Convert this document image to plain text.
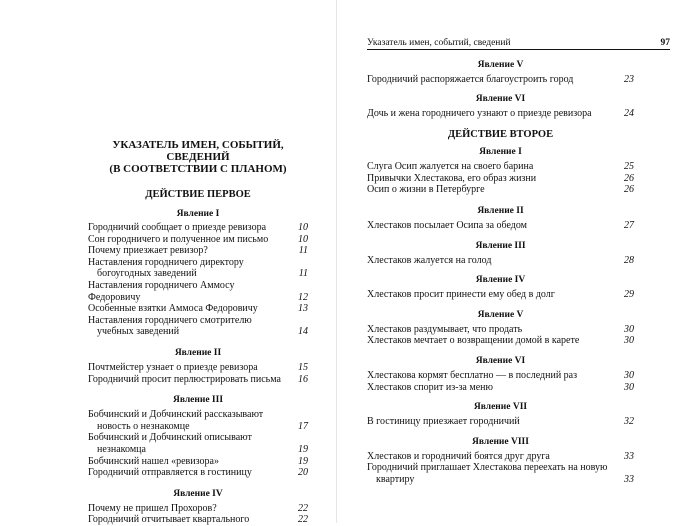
УКАЗАТЕЛЬ ИМЕН, СОБЫТИЙ, СВЕДЕНИЙ
(В СООТВЕТСТВИИ С ПЛАНОМ)
ДЕЙСТВИЕ ПЕРВОЕ
Явление I
Городничий сообщает о приезде ревизора	10
Сон городничего и полученное им письмо	10
Почему приезжает ревизор?	11
Наставления городничего директору богоугодных заведений	11
Наставления городничего Аммосу Федоровичу	12
Особенные взятки Аммоса Федоровичу	13
Наставления городничего смотрителю учебных заведений	14
Явление II
Почтмейстер узнает о приезде ревизора	15
Городничий просит перлюстрировать письма	16
Явление III
Бобчинский и Добчинский рассказывают новость о незнакомце	17
Бобчинский и Добчинский описывают незнакомца	19
Бобчинский нашел «ревизора»	19
Городничий отправляется в гостиницу	20
Явление IV
Почему не пришел Прохоров?	22
Городничий отчитывает квартального	22
Указатель имен, событий, сведений	97
Явление V
Городничий распоряжается благоустроить город	23
Явление VI
Дочь и жена городничего узнают о приезде ревизора	24
ДЕЙСТВИЕ ВТОРОЕ
Явление I
Слуга Осип жалуется на своего барина	25
Привычки Хлестакова, его образ жизни	26
Осип о жизни в Петербурге	26
Явление II
Хлестаков посылает Осипа за обедом	27
Явление III
Хлестаков жалуется на голод	28
Явление IV
Хлестаков просит принести ему обед в долг	29
Явление V
Хлестаков раздумывает, что продать	30
Хлестаков мечтает о возвращении домой в карете	30
Явление VI
Хлестакова кормят бесплатно — в последний раз	30
Хлестаков спорит из-за меню	30
Явление VII
В гостиницу приезжает городничий	32
Явление VIII
Хлестаков и городничий боятся друг друга	33
Городничий приглашает Хлестакова переехать на новую квартиру	33
